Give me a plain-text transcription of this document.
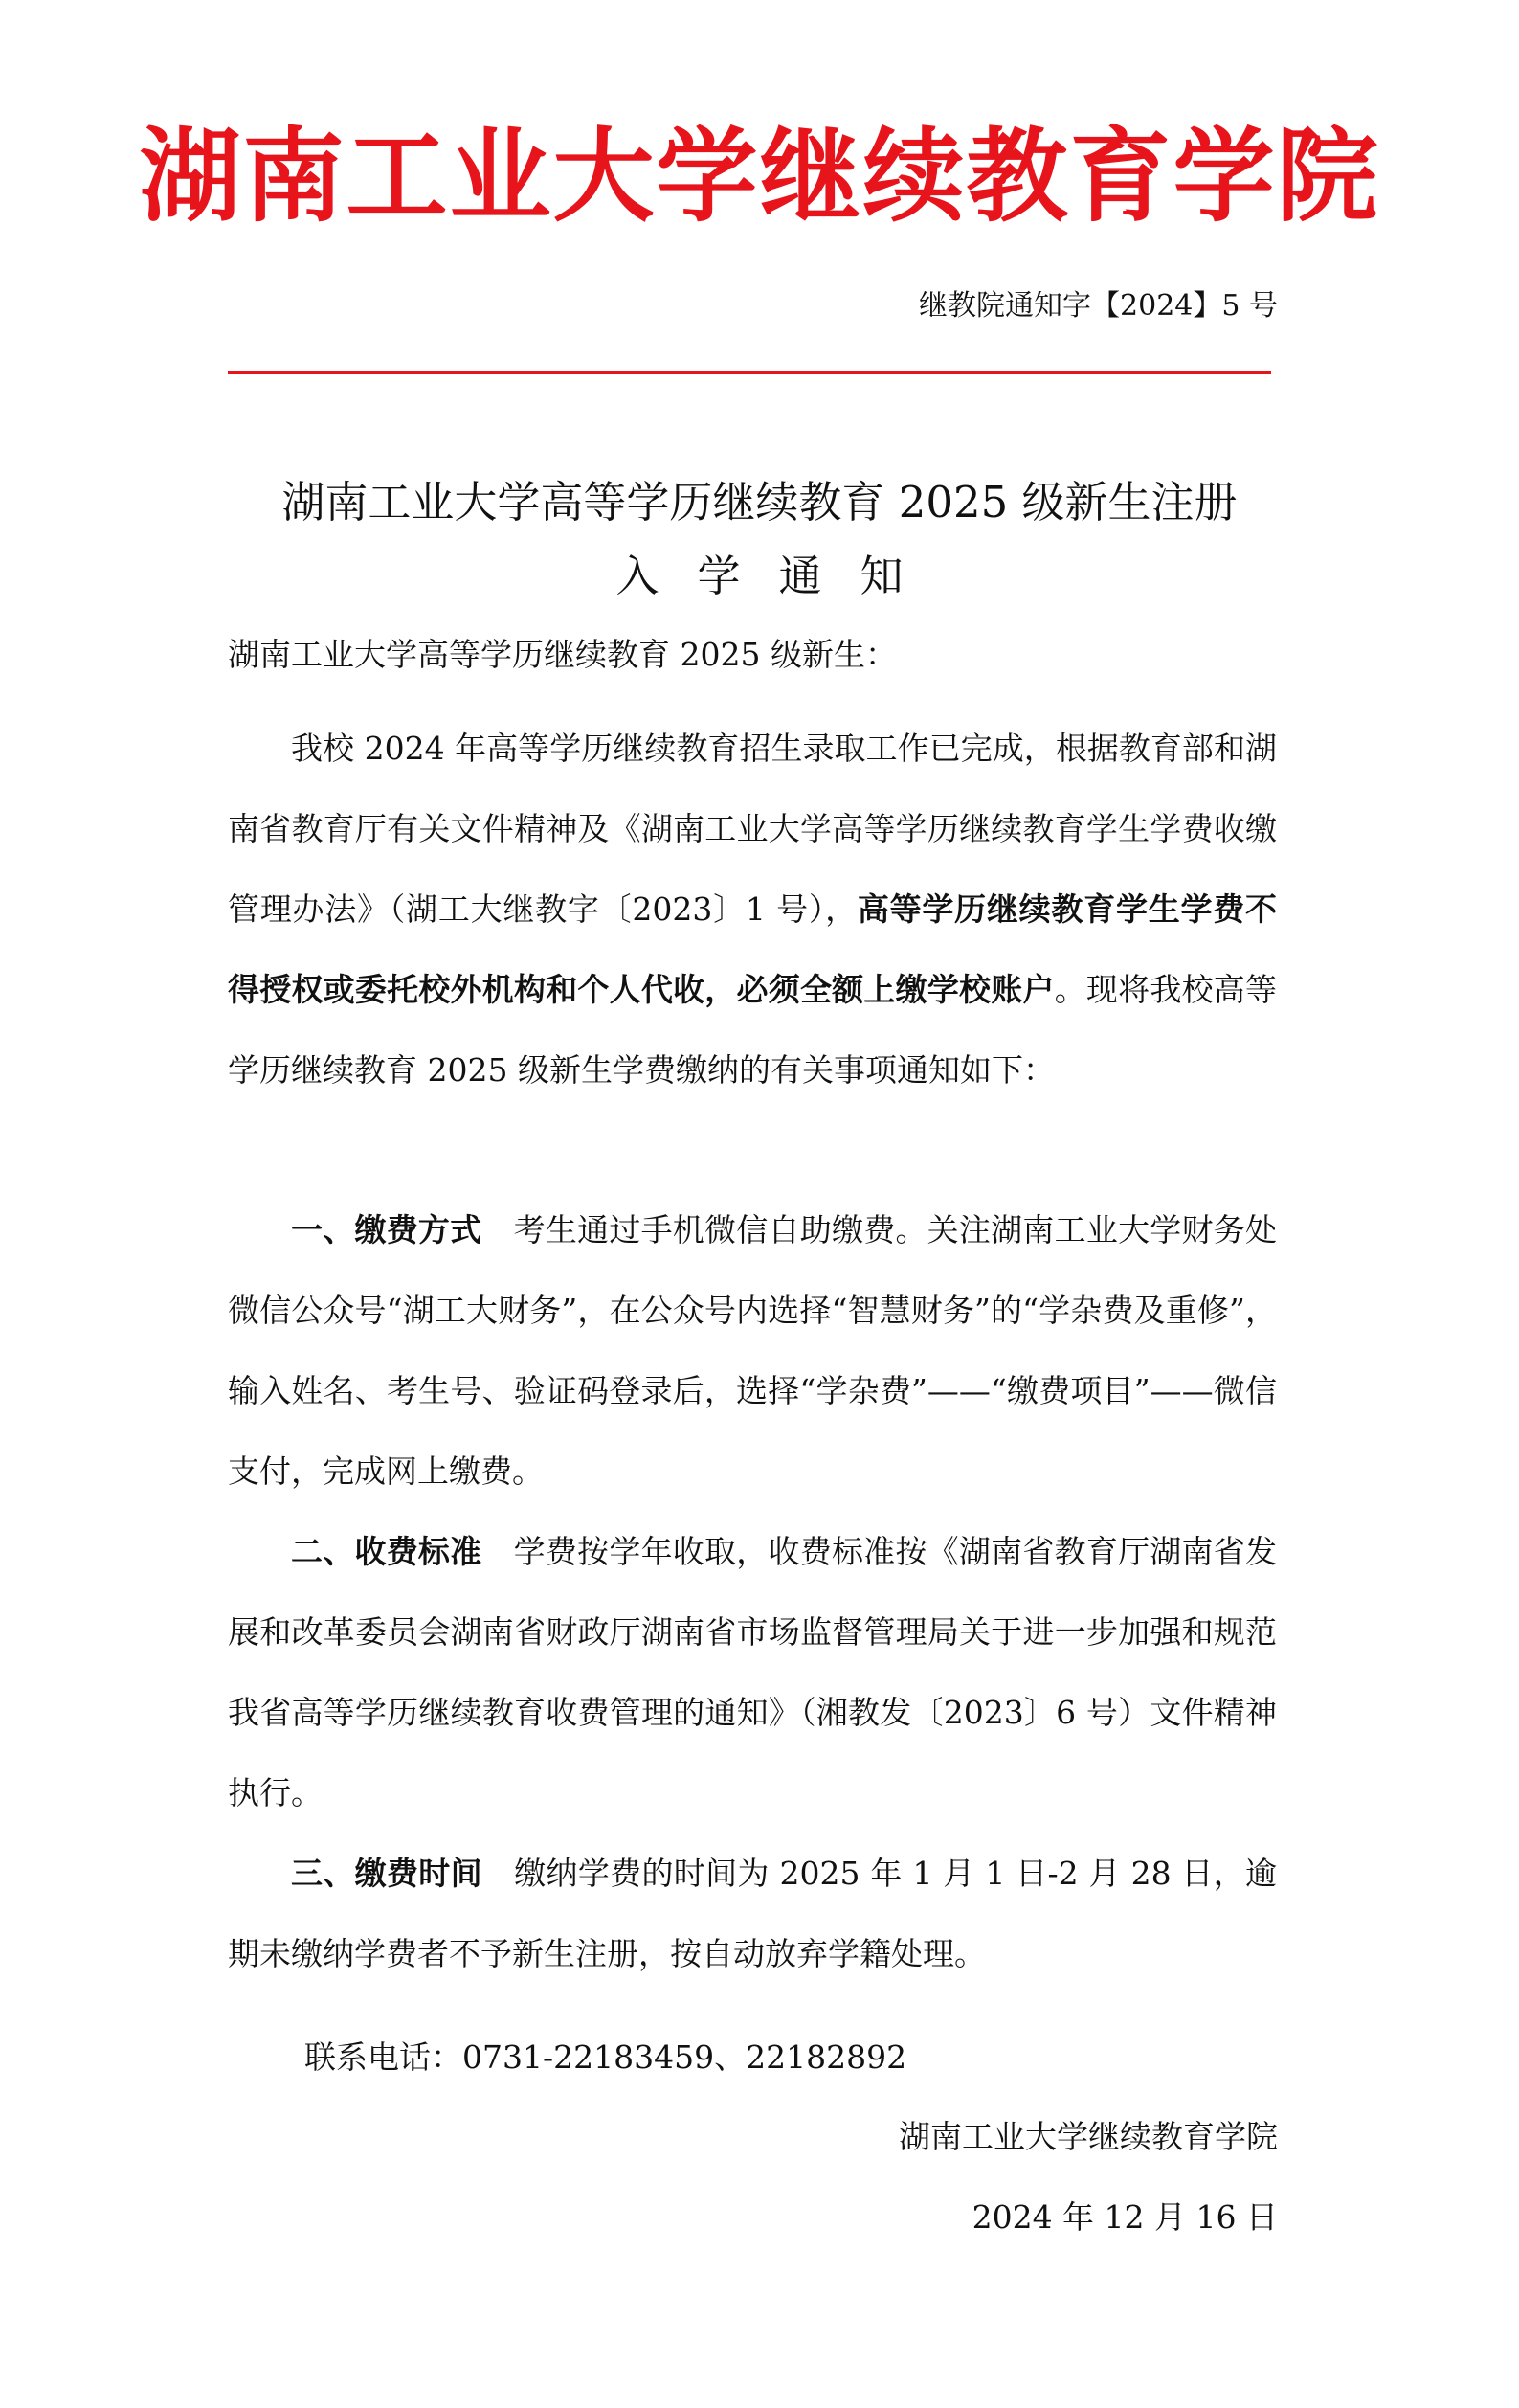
湖南工业大学继续教育学院
继教院通知字【2024】5 号
湖南工业大学高等学历继续教育 2025 级新生注册
入学通知
湖南工业大学高等学历继续教育 2025 级新生：

我校 2024 年高等学历继续教育招生录取工作已完成，根据教育部和湖南省教育厅有关文件精神及《湖南工业大学高等学历继续教育学生学费收缴管理办法》（湖工大继教字〔2023〕1 号），高等学历继续教育学生学费不得授权或委托校外机构和个人代收，必须全额上缴学校账户。现将我校高等学历继续教育 2025 级新生学费缴纳的有关事项通知如下：

一、缴费方式　考生通过手机微信自助缴费。关注湖南工业大学财务处微信公众号“湖工大财务”，在公众号内选择“智慧财务”的“学杂费及重修”，输入姓名、考生号、验证码登录后，选择“学杂费”——“缴费项目”——微信支付，完成网上缴费。

二、收费标准　学费按学年收取，收费标准按《湖南省教育厅湖南省发展和改革委员会湖南省财政厅湖南省市场监督管理局关于进一步加强和规范我省高等学历继续教育收费管理的通知》（湘教发〔2023〕6 号）文件精神执行。

三、缴费时间　缴纳学费的时间为 2025 年 1 月 1 日-2 月 28 日，逾期未缴纳学费者不予新生注册，按自动放弃学籍处理。

联系电话：0731-22183459、22182892
湖南工业大学继续教育学院
2024 年 12 月 16 日
